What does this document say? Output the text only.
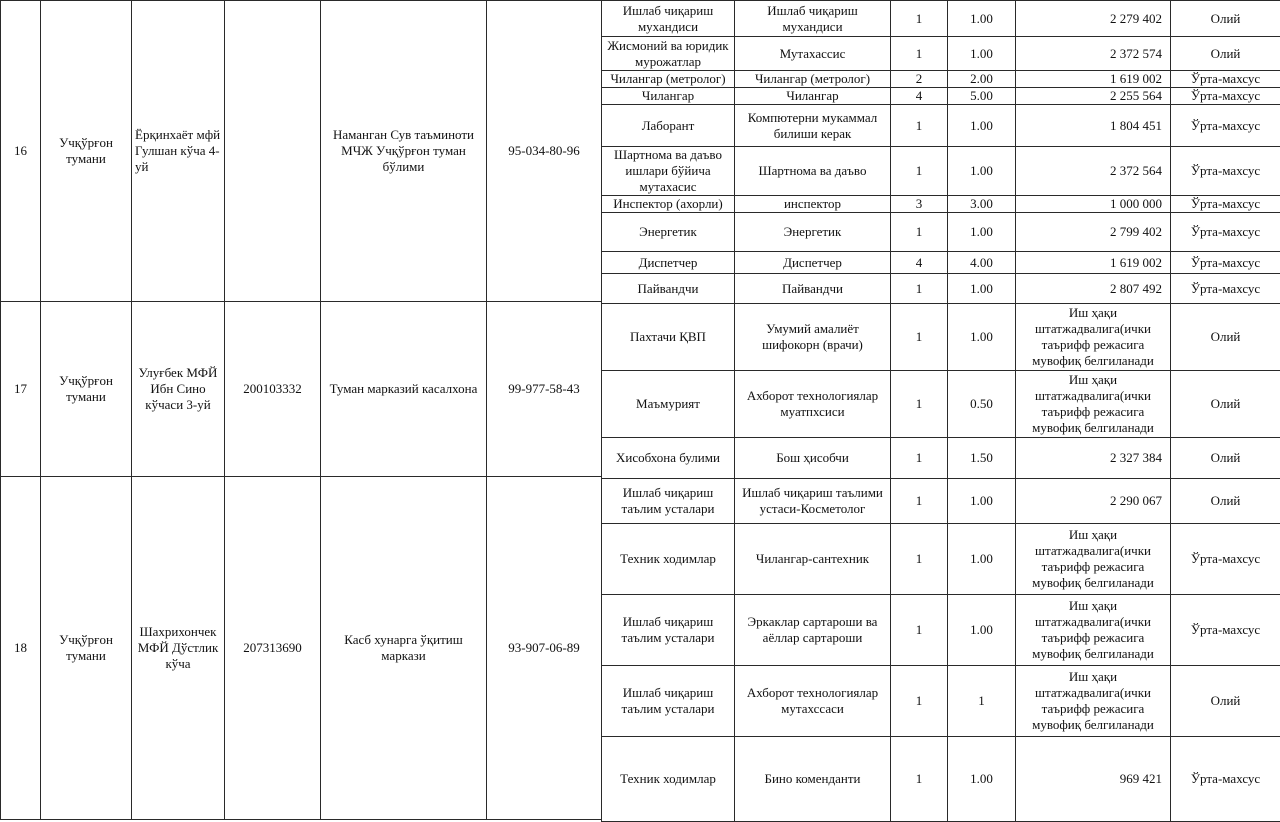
16	Учқўрғон тумани	Ёрқинхаёт мфй Гулшан кўча 4-уй		Наманган Сув таъминоти МЧЖ Учқўрғон туман бўлими	95-034-80-96
17	Учқўрғон тумани	Улуғбек МФЙ Ибн Сино кўчаси 3-уй	200103332	Туман марказий касалхона	99-977-58-43
18	Учқўрғон тумани	Шахрихончек МФЙ Дўстлик кўча	207313690	Касб хунарга ўқитиш маркази	93-907-06-89
Ишлаб чиқариш мухандиси	Ишлаб чиқариш мухандиси	1	1.00	2 279 402	Олий
Жисмоний ва юридик мурожатлар	Мутахассис	1	1.00	2 372 574	Олий
Чилангар (метролог)	Чилангар (метролог)	2	2.00	1 619 002	Ўрта-махсус
Чилангар	Чилангар	4	5.00	2 255 564	Ўрта-махсус
Лаборант	Компютерни мукаммал билиши керак	1	1.00	1 804 451	Ўрта-махсус
Шартнома ва даъво ишлари бўйича мутахасис	Шартнома ва даъво	1	1.00	2 372 564	Ўрта-махсус
Инспектор (ахорли)	инспектор	3	3.00	1 000 000	Ўрта-махсус
Энергетик	Энергетик	1	1.00	2 799 402	Ўрта-махсус
Диспетчер	Диспетчер	4	4.00	1 619 002	Ўрта-махсус
Пайвандчи	Пайвандчи	1	1.00	2 807 492	Ўрта-махсус
Пахтачи ҚВП	Умумий амалиёт шифокорн (врачи)	1	1.00	Иш ҳақи штатжадвалига(ички таърифф режасига мувофиқ белгиланади	Олий
Маъмурият	Ахборот технологиялар муатпхсиси	1	0.50	Иш ҳақи штатжадвалига(ички таърифф режасига мувофиқ белгиланади	Олий
Хисобхона булими	Бош ҳисобчи	1	1.50	2 327 384	Олий
Ишлаб чиқариш таълим усталари	Ишлаб чиқариш таълими устаси-Косметолог	1	1.00	2 290 067	Олий
Техник ходимлар	Чилангар-сантехник	1	1.00	Иш ҳақи штатжадвалига(ички таърифф режасига мувофиқ белгиланади	Ўрта-махсус
Ишлаб чиқариш таълим усталари	Эркаклар сартароши ва аёллар сартароши	1	1.00	Иш ҳақи штатжадвалига(ички таърифф режасига мувофиқ белгиланади	Ўрта-махсус
Ишлаб чиқариш таълим усталари	Ахборот технологиялар мутахссаси	1	1	Иш ҳақи штатжадвалига(ички таърифф режасига мувофиқ белгиланади	Олий
Техник ходимлар	Бино коменданти	1	1.00	969 421	Ўрта-махсус
